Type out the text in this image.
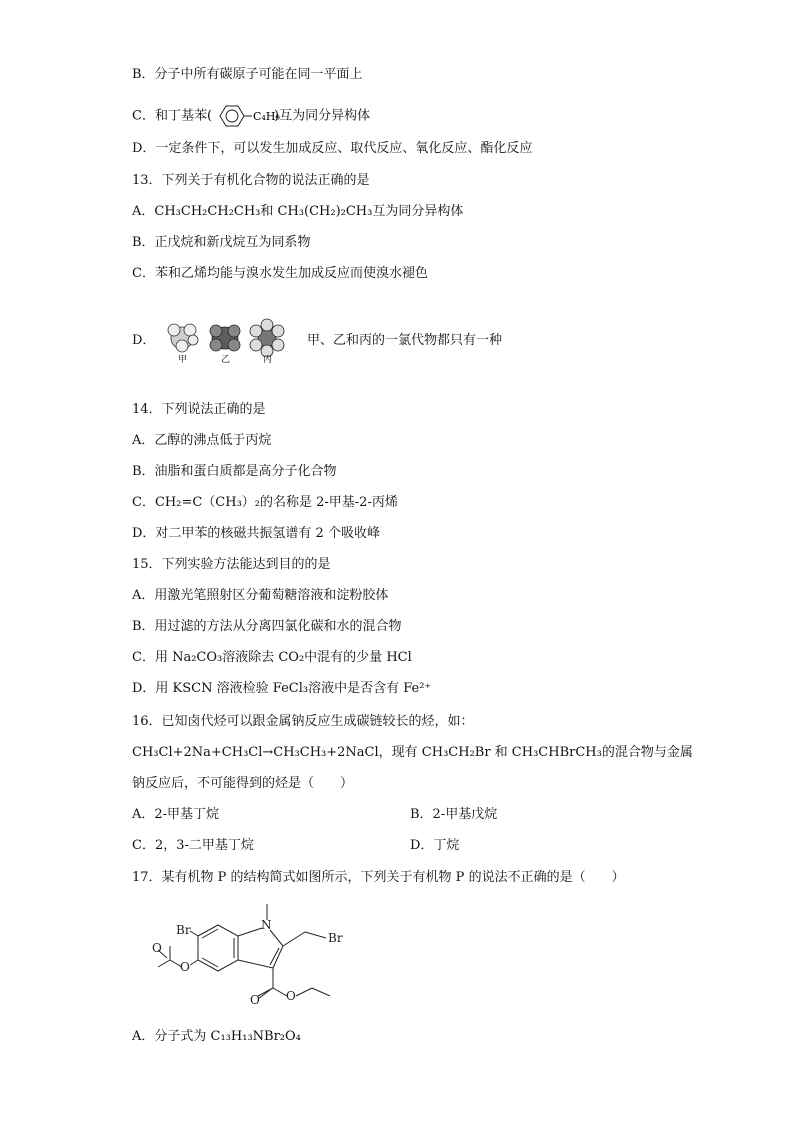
B．分子中所有碳原子可能在同一平面上
C．和丁基苯(	C₄H₉
)互为同分异构体
D．一定条件下，可以发生加成反应、取代反应、氧化反应、酯化反应
13．下列关于有机化合物的说法正确的是
A．CH₃CH₂CH₂CH₃和 CH₃(CH₂)₂CH₃互为同分异构体
B．正戊烷和新戊烷互为同系物
C．苯和乙烯均能与溴水发生加成反应而使溴水褪色
D．
甲	乙	丙
甲、乙和丙的一氯代物都只有一种
14．下列说法正确的是
A．乙醇的沸点低于丙烷
B．油脂和蛋白质都是高分子化合物
C．CH₂=C（CH₃）₂的名称是 2-甲基-2-丙烯
D．对二甲苯的核磁共振氢谱有 2 个吸收峰
15．下列实验方法能达到目的的是
A．用激光笔照射区分葡萄糖溶液和淀粉胶体
B．用过滤的方法从分离四氯化碳和水的混合物
C．用 Na₂CO₃溶液除去 CO₂中混有的少量 HCl
D．用 KSCN 溶液检验 FeCl₃溶液中是否含有 Fe²⁺
16．已知卤代烃可以跟金属钠反应生成碳链较长的烃，如：
CH₃Cl+2Na+CH₃Cl→CH₃CH₃+2NaCl，现有 CH₃CH₂Br 和 CH₃CHBrCH₃的混合物与金属
钠反应后，不可能得到的烃是（　　）
A．2-甲基丁烷	B．2-甲基戊烷
C．2，3-二甲基丁烷	D．丁烷
17．某有机物 P 的结构简式如图所示，下列关于有机物 P 的说法不正确的是（　　）
Br	N
Br
O
O
O O
A．分子式为 C₁₃H₁₃NBr₂O₄
